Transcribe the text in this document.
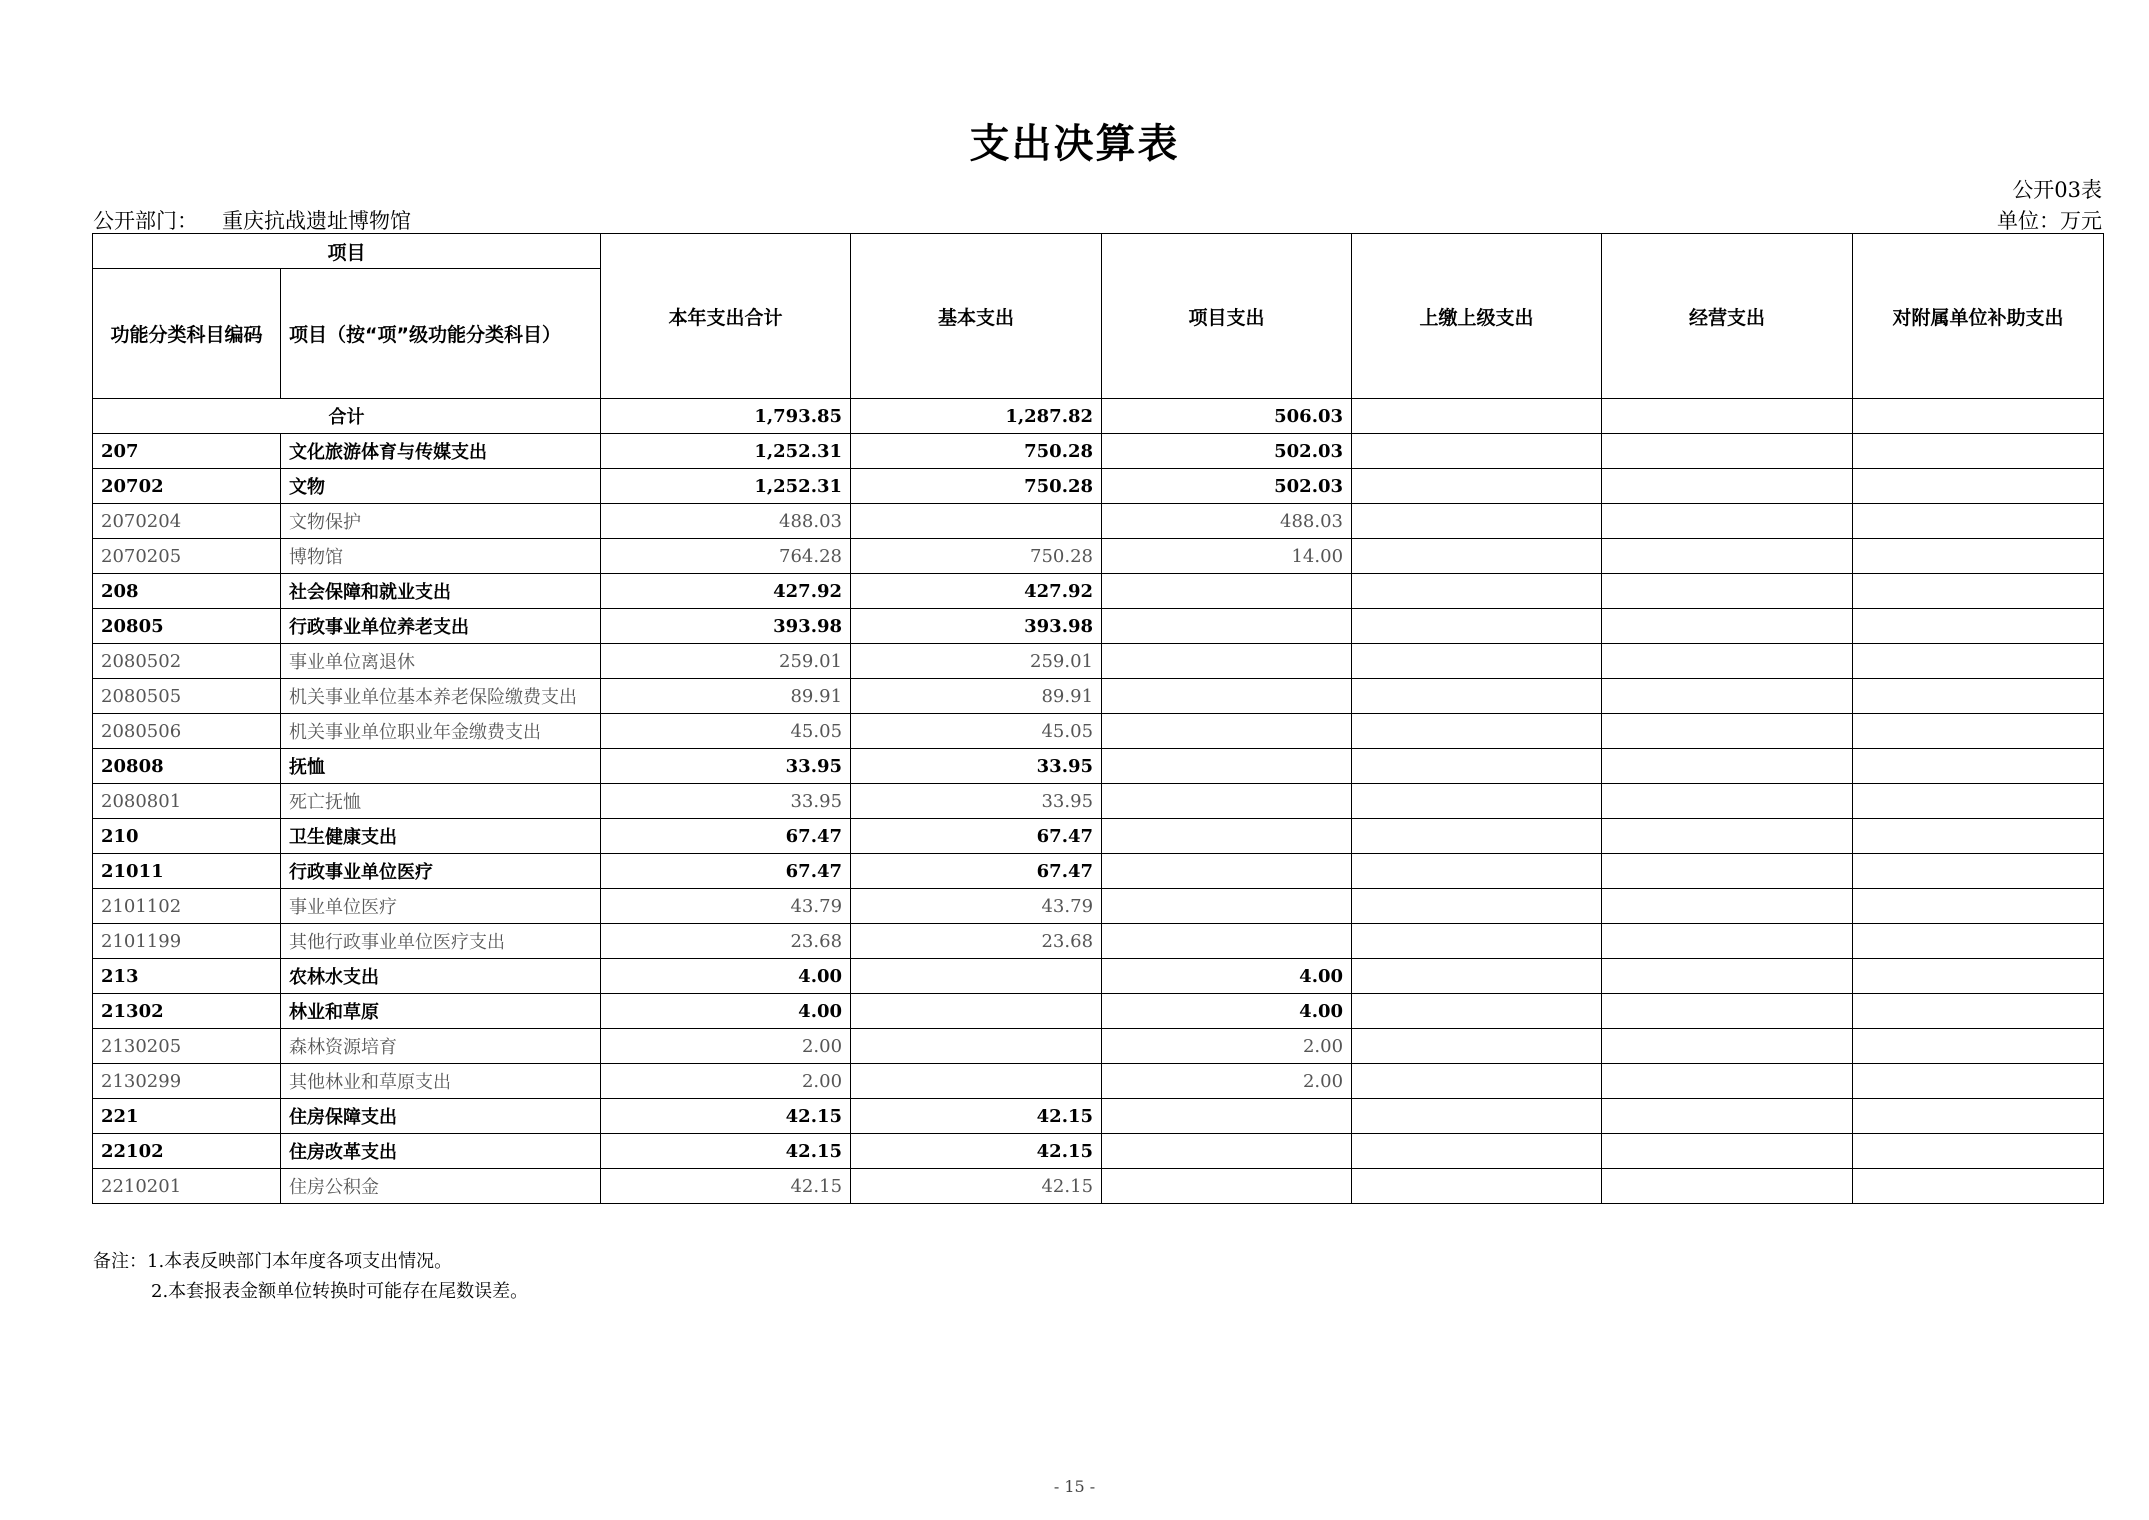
支出决算表
公开03表
公开部门： 重庆抗战遗址博物馆	单位：万元
项目		本年支出合计	基本支出	项目支出	上缴上级支出	经营支出	对附属单位补助支出
功能分类科目编码	项目（按“项”级功能分类科目）						
合计		1,793.85	1,287.82	506.03			
207	文化旅游体育与传媒支出	1,252.31	750.28	502.03			
20702	文物	1,252.31	750.28	502.03			
2070204	文物保护	488.03		488.03			
2070205	博物馆	764.28	750.28	14.00			
208	社会保障和就业支出	427.92	427.92				
20805	行政事业单位养老支出	393.98	393.98				
2080502	事业单位离退休	259.01	259.01				
2080505	机关事业单位基本养老保险缴费支出	89.91	89.91				
2080506	机关事业单位职业年金缴费支出	45.05	45.05				
20808	抚恤	33.95	33.95				
2080801	死亡抚恤	33.95	33.95				
210	卫生健康支出	67.47	67.47				
21011	行政事业单位医疗	67.47	67.47				
2101102	事业单位医疗	43.79	43.79				
2101199	其他行政事业单位医疗支出	23.68	23.68				
213	农林水支出	4.00		4.00			
21302	林业和草原	4.00		4.00			
2130205	森林资源培育	2.00		2.00			
2130299	其他林业和草原支出	2.00		2.00			
221	住房保障支出	42.15	42.15				
22102	住房改革支出	42.15	42.15				
2210201	住房公积金	42.15	42.15				
备注：1.本表反映部门本年度各项支出情况。
2.本套报表金额单位转换时可能存在尾数误差。
- 15 -
